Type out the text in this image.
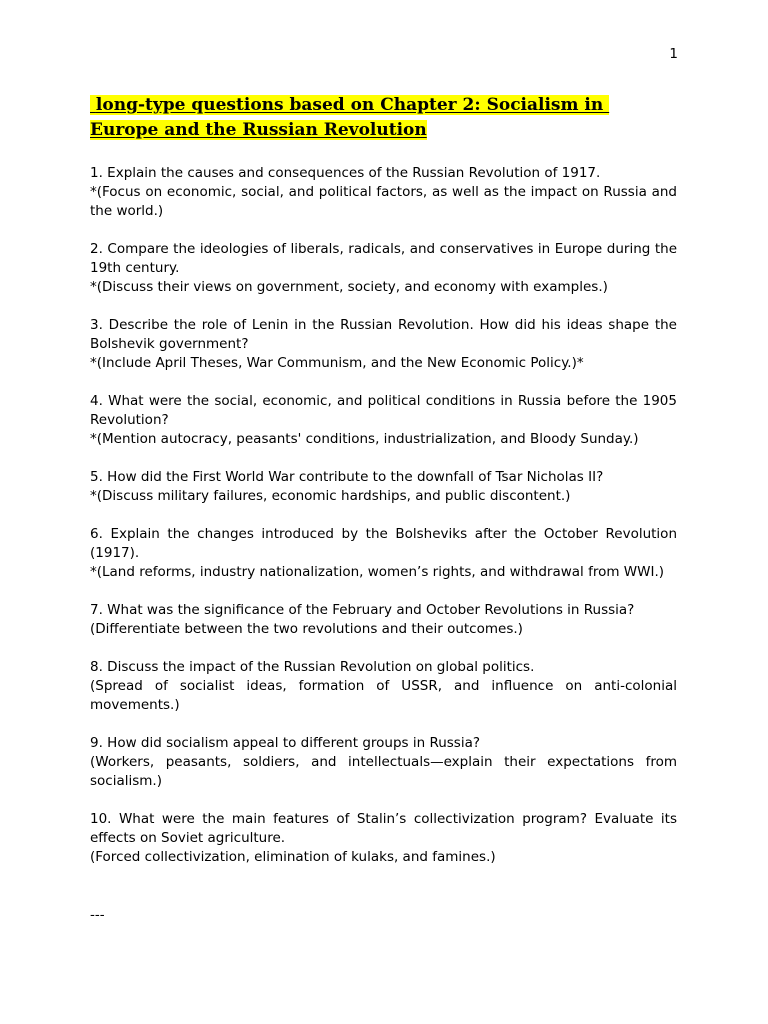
1
long-type questions based on Chapter 2: Socialism in
Europe and the Russian Revolution

1. Explain the causes and consequences of the Russian Revolution of 1917.

*(Focus on economic, social, and political factors, as well as the impact on Russia and the world.)

2. Compare the ideologies of liberals, radicals, and conservatives in Europe during the 19th century.

*(Discuss their views on government, society, and economy with examples.)

3. Describe the role of Lenin in the Russian Revolution. How did his ideas shape the Bolshevik government?

*(Include April Theses, War Communism, and the New Economic Policy.)*

4. What were the social, economic, and political conditions in Russia before the 1905 Revolution?

*(Mention autocracy, peasants' conditions, industrialization, and Bloody Sunday.)

5. How did the First World War contribute to the downfall of Tsar Nicholas II?

*(Discuss military failures, economic hardships, and public discontent.)

6. Explain the changes introduced by the Bolsheviks after the October Revolution (1917).

*(Land reforms, industry nationalization, women’s rights, and withdrawal from WWI.)

7. What was the significance of the February and October Revolutions in Russia?

(Differentiate between the two revolutions and their outcomes.)

8. Discuss the impact of the Russian Revolution on global politics.

(Spread of socialist ideas, formation of USSR, and influence on anti-colonial movements.)

9. How did socialism appeal to different groups in Russia?

(Workers, peasants, soldiers, and intellectuals—explain their expectations from socialism.)

10. What were the main features of Stalin’s collectivization program? Evaluate its effects on Soviet agriculture.

(Forced collectivization, elimination of kulaks, and famines.)

---
